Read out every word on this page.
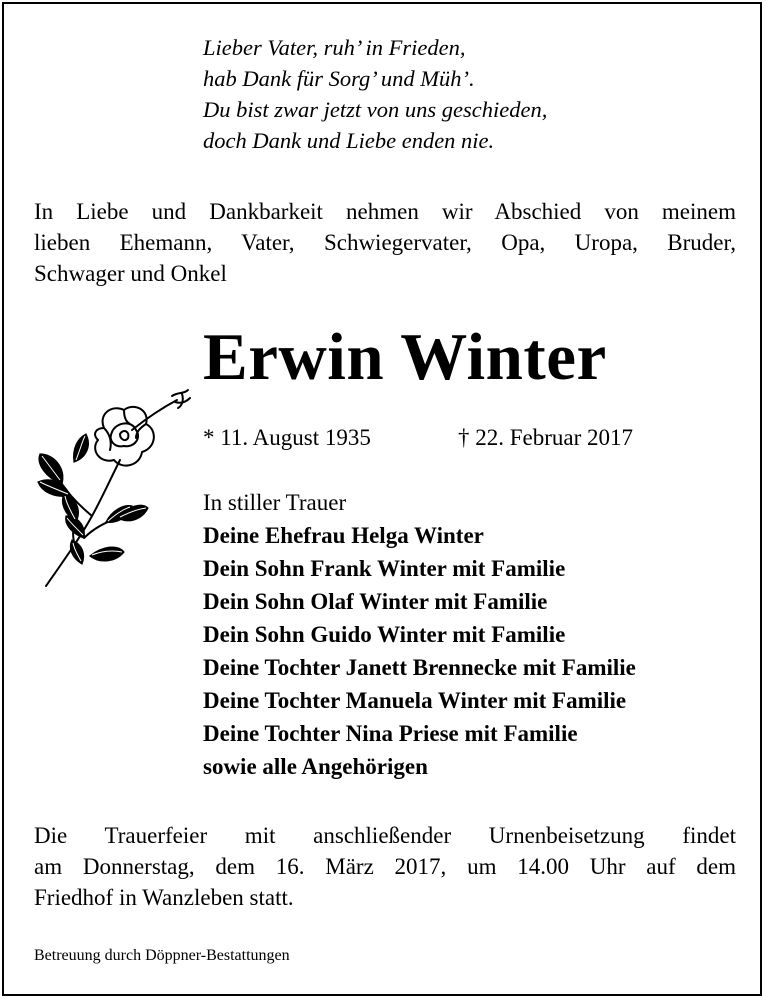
Lieber Vater, ruh’ in Frieden,
hab Dank für Sorg’ und Müh’.
Du bist zwar jetzt von uns geschieden,
doch Dank und Liebe enden nie.
In Liebe und Dankbarkeit nehmen wir Abschied von meinem
lieben Ehemann, Vater, Schwiegervater, Opa, Uropa, Bruder,
Schwager und Onkel
Erwin Winter
* 11. August 1935	† 22. Februar 2017
In stiller Trauer
Deine Ehefrau Helga Winter
Dein Sohn Frank Winter mit Familie
Dein Sohn Olaf Winter mit Familie
Dein Sohn Guido Winter mit Familie
Deine Tochter Janett Brennecke mit Familie
Deine Tochter Manuela Winter mit Familie
Deine Tochter Nina Priese mit Familie
sowie alle Angehörigen
Die Trauerfeier mit anschließender Urnenbeisetzung findet
am Donnerstag, dem 16. März 2017, um 14.00 Uhr auf dem
Friedhof in Wanzleben statt.
Betreuung durch Döppner-Bestattungen
